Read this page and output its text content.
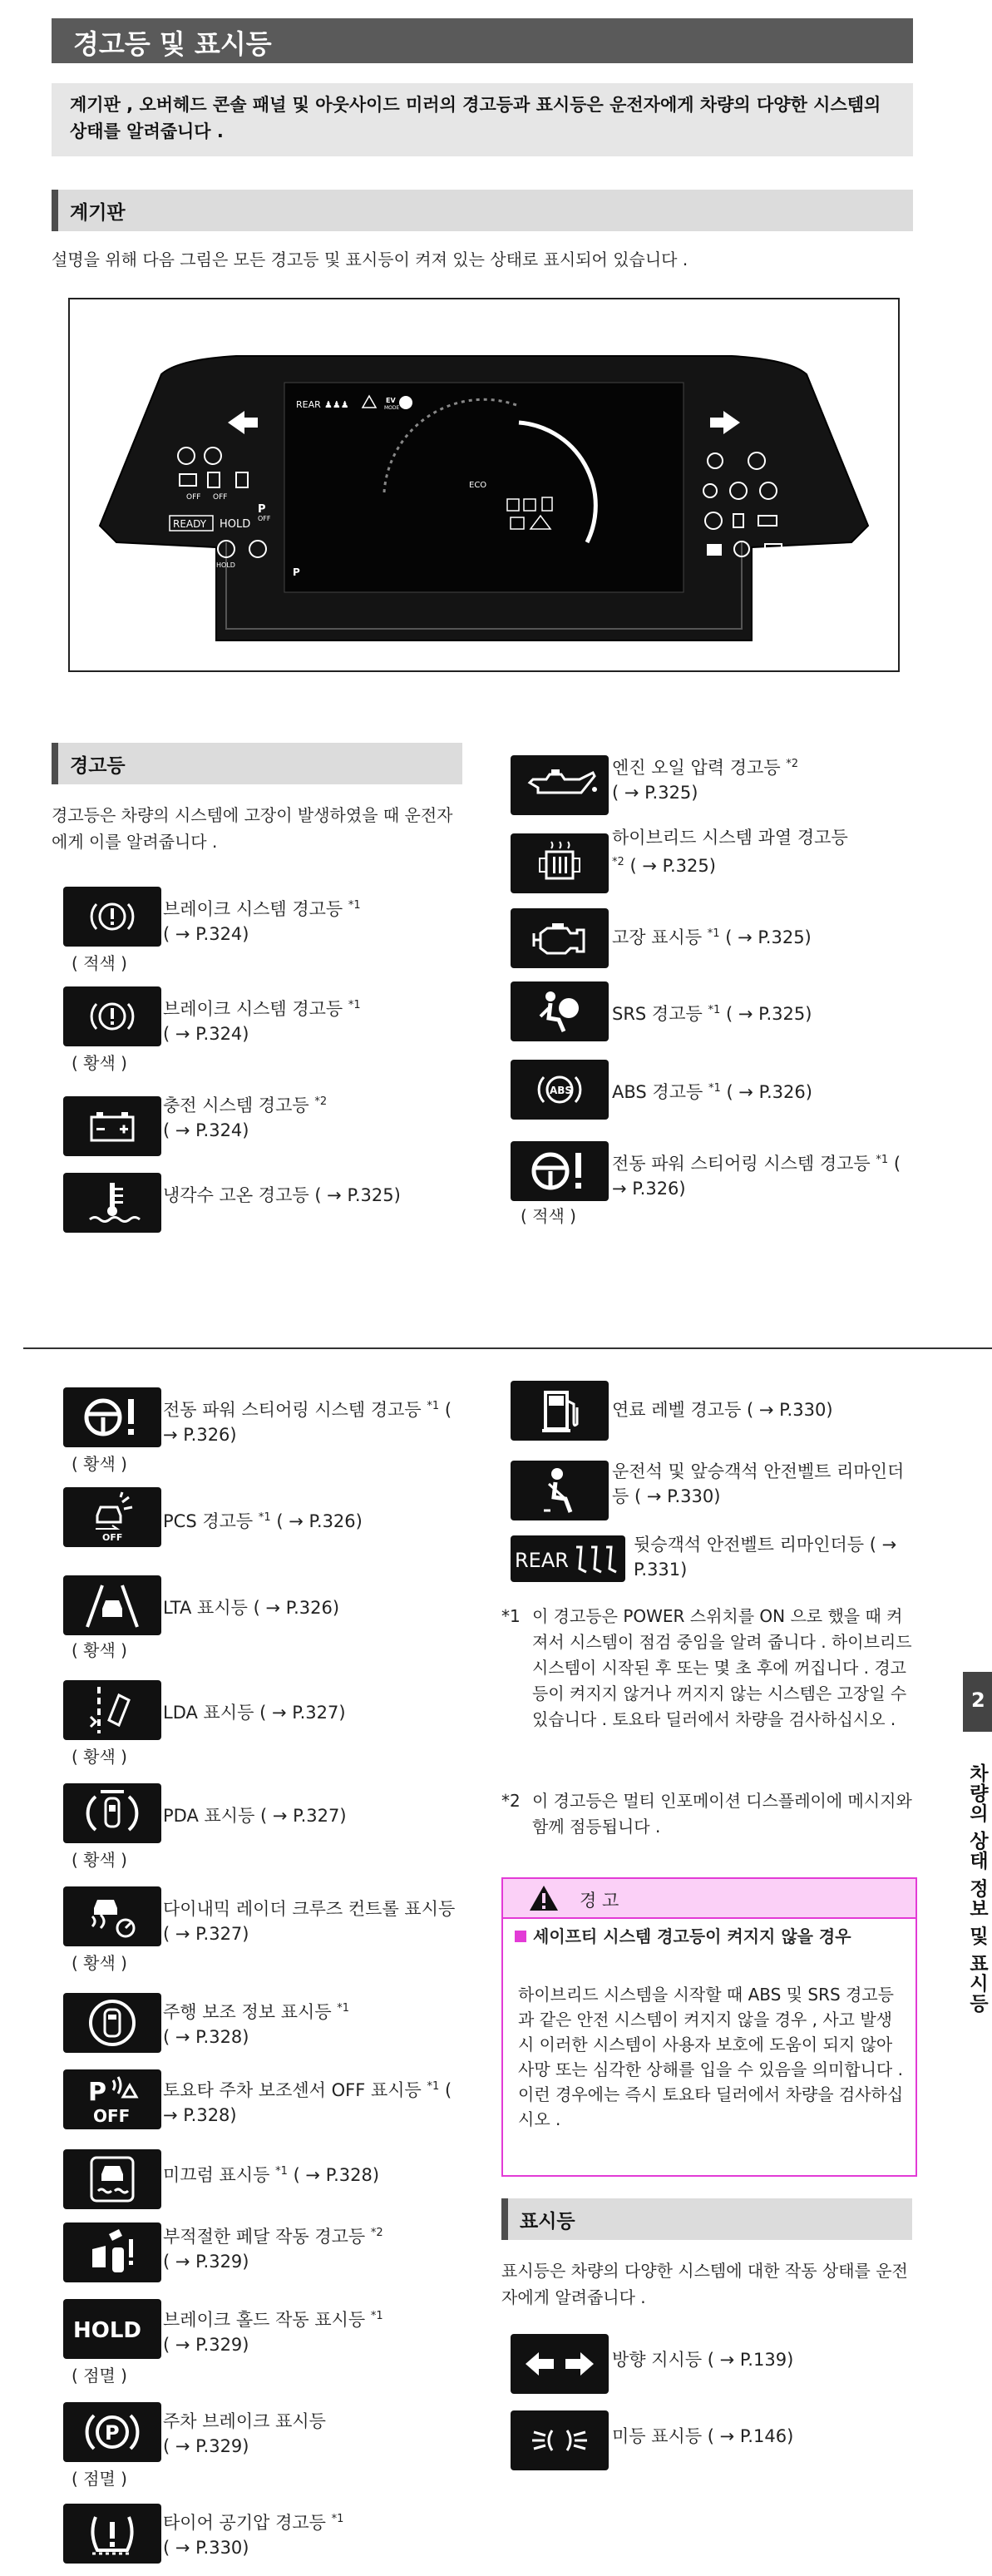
경고등 및 표시등
계기판 , 오버헤드 콘솔 패널 및 아웃사이드 미러의 경고등과 표시등은 운전자에게 차량의 다양한 시스템의 상태를 알려줍니다 .
계기판
설명을 위해 다음 그림은 모든 경고등 및 표시등이 켜져 있는 상태로 표시되어 있습니다 .
OFF OFF
READY HOLD
P
OFF
HOLD
P
REAR ♟♟♟	EV
MODE
ECO
경고등
경고등은 차량의 시스템에 고장이 발생하였을 때 운전자에게 이를 알려줍니다 .
( 적색 )
브레이크 시스템 경고등 $^{*1}$
( → P.324)
( 황색 )
브레이크 시스템 경고등 $^{*1}$
( → P.324)
충전 시스템 경고등 $^{*2}$
( → P.324)
냉각수 고온 경고등 ( → P.325)
엔진 오일 압력 경고등 $^{*2}$
( → P.325)
하이브리드 시스템 과열 경고등
$^{*2}$ ( → P.325)
고장 표시등 $^{*1}$ ( → P.325)
SRS 경고등 $^{*1}$ ( → P.325)
ABS ABS 경고등 $^{*1}$ ( → P.326)
( 적색 )
전동 파워 스티어링 시스템 경고등 $^{*1}$ ( → P.326)
( 황색 )
전동 파워 스티어링 시스템 경고등 $^{*1}$ ( → P.326)
OFF
PCS 경고등 $^{*1}$ ( → P.326)
( 황색 )
LTA 표시등 ( → P.326)
( 황색 )
LDA 표시등 ( → P.327)
( 황색 )
PDA 표시등 ( → P.327)
( 황색 )
다이내믹 레이더 크루즈 컨트롤 표시등 ( → P.327)
주행 보조 정보 표시등 $^{*1}$
( → P.328)
P
OFF
토요타 주차 보조센서 OFF 표시등 $^{*1}$ ( → P.328)
미끄럼 표시등 $^{*1}$ ( → P.328)
부적절한 페달 작동 경고등 $^{*2}$
( → P.329)
HOLD
( 점멸 )
브레이크 홀드 작동 표시등 $^{*1}$
( → P.329)
P
( 점멸 )
주차 브레이크 표시등
( → P.329)
타이어 공기압 경고등 $^{*1}$
( → P.330)
연료 레벨 경고등 ( → P.330)
운전석 및 앞승객석 안전벨트 리마인더등 ( → P.330)
REAR
뒷승객석 안전벨트 리마인더등 ( → P.331)
*1 이 경고등은 POWER 스위치를 ON 으로 했을 때 켜져서 시스템이 점검 중임을 알려 줍니다 . 하이브리드 시스템이 시작된 후 또는 몇 초 후에 꺼집니다 . 경고등이 켜지지 않거나 꺼지지 않는 시스템은 고장일 수 있습니다 . 토요타 딜러에서 차량을 검사하십시오 .
*2 이 경고등은 멀티 인포메이션 디스플레이에 메시지와 함께 점등됩니다 .
경 고
세이프티 시스템 경고등이 켜지지 않을 경우
하이브리드 시스템을 시작할 때 ABS 및 SRS 경고등과 같은 안전 시스템이 켜지지 않을 경우 , 사고 발생 시 이러한 시스템이 사용자 보호에 도움이 되지 않아 사망 또는 심각한 상해를 입을 수 있음을 의미합니다 . 이런 경우에는 즉시 토요타 딜러에서 차량을 검사하십시오 .
표시등
표시등은 차량의 다양한 시스템에 대한 작동 상태를 운전자에게 알려줍니다 .
방향 지시등 ( → P.139)
미등 표시등 ( → P.146)
2
차량의 상태 정보 및 표시등
